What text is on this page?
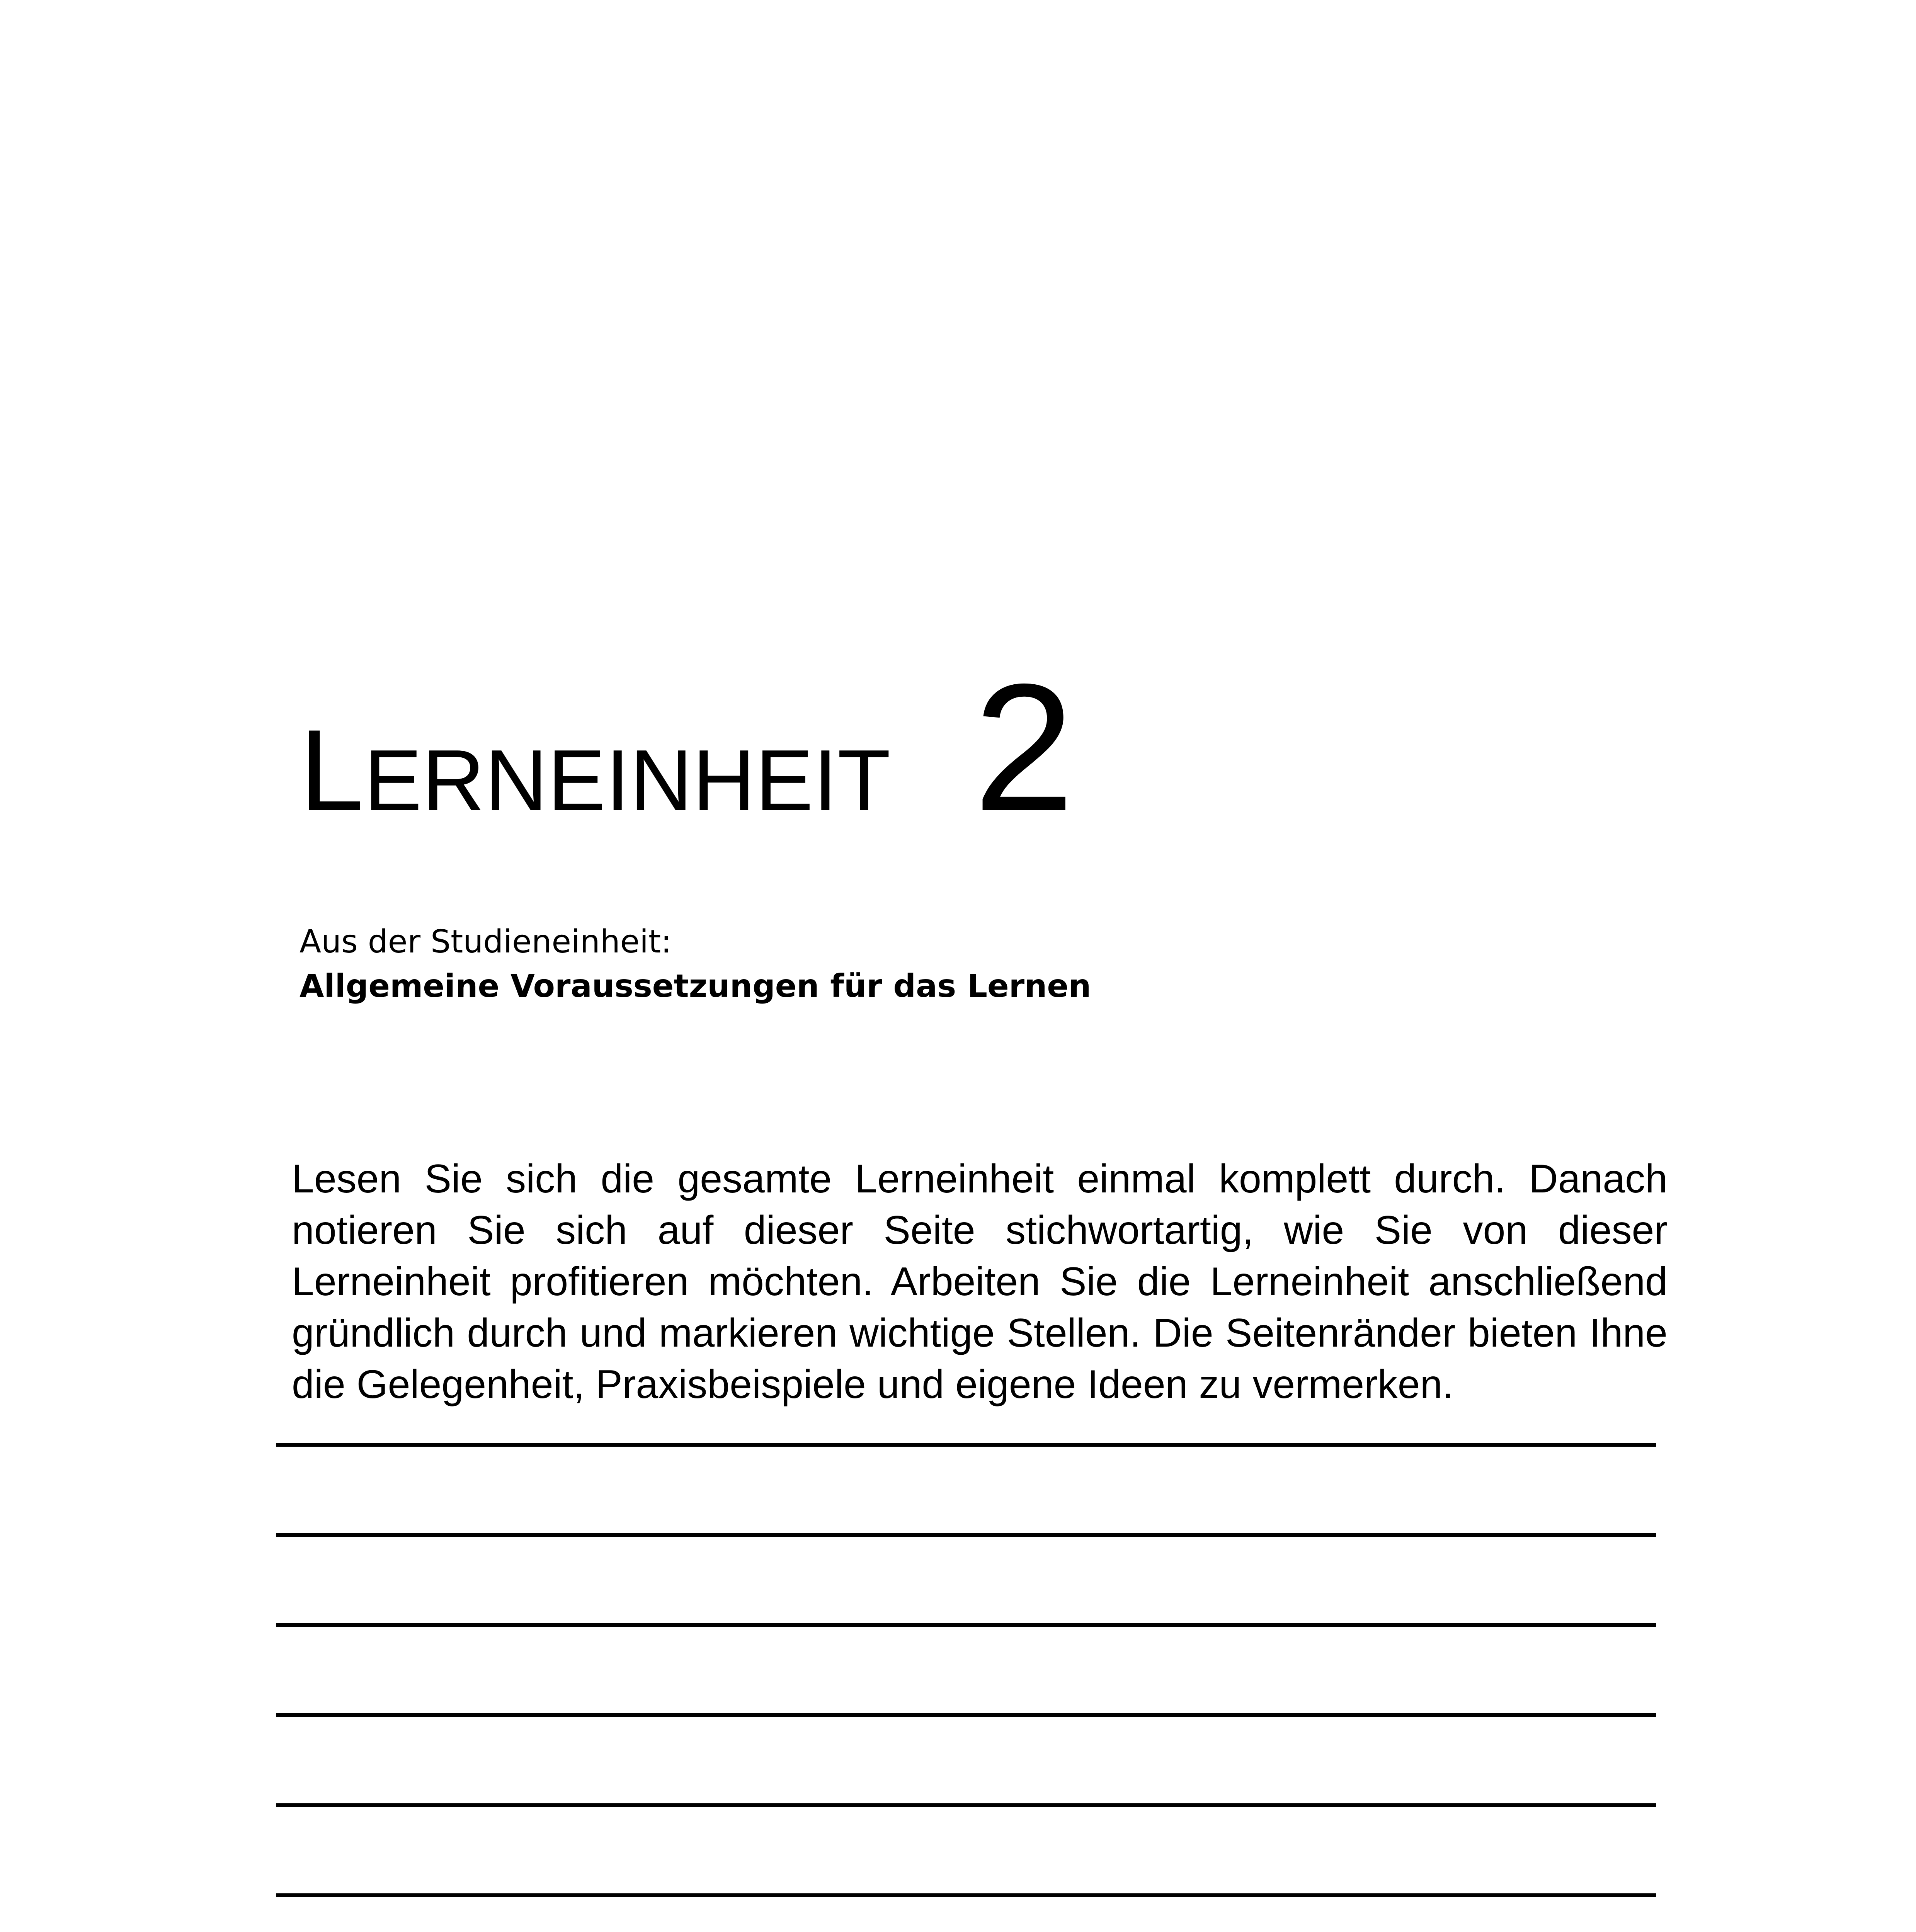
LERNEINHEIT 2
Aus der Studieneinheit:
Allgemeine Voraussetzungen für das Lernen

Lesen Sie sich die gesamte Lerneinheit einmal komplett durch. Danach notieren Sie sich auf dieser Seite stichwortartig, wie Sie von dieser Lerneinheit profitieren möchten. Arbeiten Sie die Lerneinheit anschließend gründlich durch und markieren wichtige Stellen. Die Seitenränder bieten Ihne die Gelegenheit, Praxisbeispiele und eigene Ideen zu vermerken.
